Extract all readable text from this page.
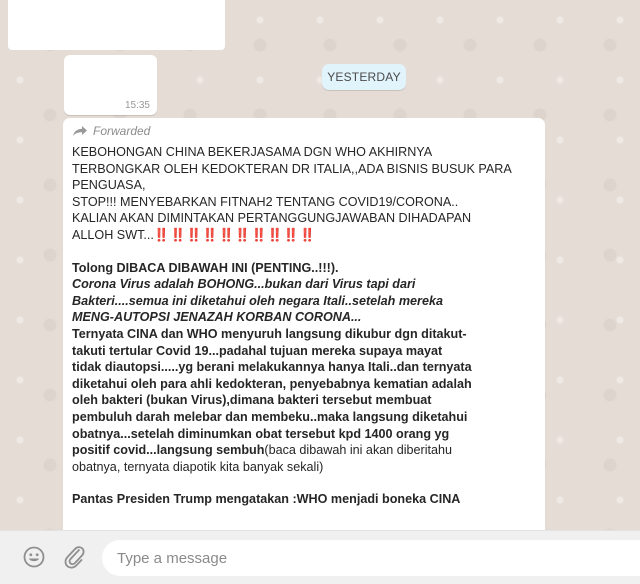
15:35
YESTERDAY
Forwarded
KEBOHONGAN CHINA BEKERJASAMA DGN WHO AKHIRNYA
TERBONGKAR OLEH KEDOKTERAN DR ITALIA,,ADA BISNIS BUSUK PARA
PENGUASA,
STOP!!! MENYEBARKAN FITNAH2 TENTANG COVID19/CORONA..
KALIAN AKAN DIMINTAKAN PERTANGGUNGJAWABAN DIHADAPAN
ALLOH SWT...‼️‼️‼️‼️‼️‼️‼️‼️‼️‼️
Tolong DIBACA DIBAWAH INI (PENTING..!!!).
Corona Virus adalah BOHONG...bukan dari Virus tapi dari
Bakteri....semua ini diketahui oleh negara Itali..setelah mereka
MENG-AUTOPSI JENAZAH KORBAN CORONA...
Ternyata CINA dan WHO menyuruh langsung dikubur dgn ditakut-
takuti tertular Covid 19...padahal tujuan mereka supaya mayat
tidak diautopsi.....yg berani melakukannya hanya Itali..dan ternyata
diketahui oleh para ahli kedokteran, penyebabnya kematian adalah
oleh bakteri (bukan Virus),dimana bakteri tersebut membuat
pembuluh darah melebar dan membeku..maka langsung diketahui
obatnya...setelah diminumkan obat tersebut kpd 1400 orang yg
positif covid...langsung sembuh(baca dibawah ini akan diberitahu
obatnya, ternyata diapotik kita banyak sekali)
Pantas Presiden Trump mengatakan :WHO menjadi boneka CINA
Type a message
